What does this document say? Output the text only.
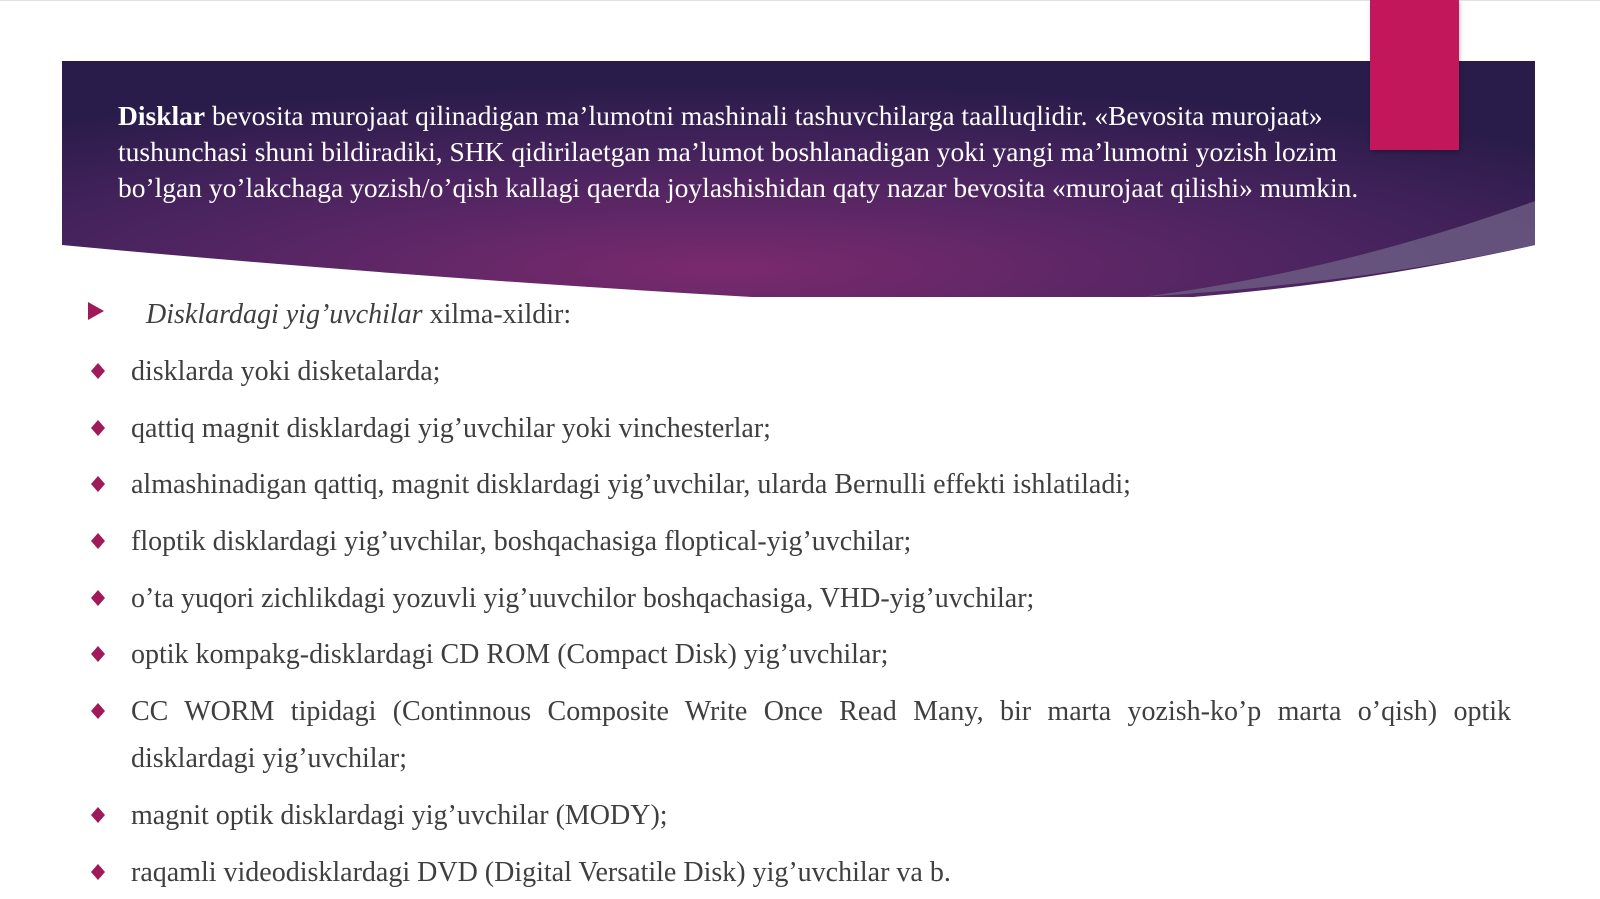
Disklar bevosita murojaat qilinadigan ma’lumotni mashinali tashuvchilarga taalluqlidir. «Bevosita murojaat» tushunchasi shuni bildiradiki, SHK qidirilaetgan ma’lumot boshlanadigan yoki yangi ma’lumotni yozish lozim bo’lgan yo’lakchaga yozish/o’qish kallagi qaerda joylashishidan qaty nazar bevosita «murojaat qilishi» mumkin.
Disklardagi yig’uvchilar xilma-xildir:
disklarda yoki disketalarda;
qattiq magnit disklardagi yig’uvchilar yoki vinchesterlar;
almashinadigan qattiq, magnit disklardagi yig’uvchilar, ularda Bernulli effekti ishlatiladi;
floptik disklardagi yig’uvchilar, boshqachasiga floptical-yig’uvchilar;
o’ta yuqori zichlikdagi yozuvli yig’uuvchilor boshqachasiga, VHD-yig’uvchilar;
optik kompakg-disklardagi CD ROM (Compact Disk) yig’uvchilar;
CC WORM tipidagi (Continnous Composite Write Once Read Many, bir marta yozish-ko’p marta o’qish) optik disklardagi yig’uvchilar;
magnit optik disklardagi yig’uvchilar (MODY);
raqamli videodisklardagi DVD (Digital Versatile Disk) yig’uvchilar va b.
